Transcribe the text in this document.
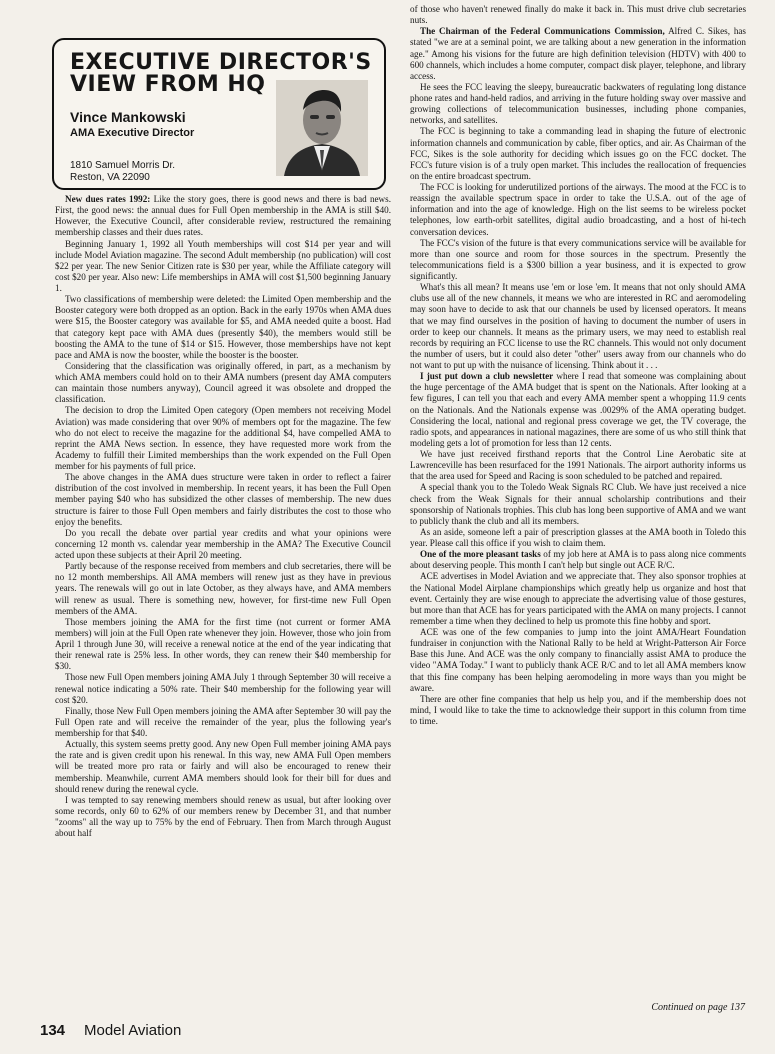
EXECUTIVE DIRECTOR'S VIEW FROM HQ
Vince Mankowski
AMA Executive Director
1810 Samuel Morris Dr.
Reston, VA 22090

New dues rates 1992: Like the story goes, there is good news and there is bad news. First, the good news: the annual dues for Full Open membership in the AMA is still $40. However, the Executive Council, after considerable review, restructured the remaining membership classes and their dues rates.

Beginning January 1, 1992 all Youth memberships will cost $14 per year and will include Model Aviation magazine. The second Adult membership (no publication) will cost $22 per year. The new Senior Citizen rate is $30 per year, while the Affiliate category will cost $20 per year. Also new: Life memberships in AMA will cost $1,500 beginning January 1.

Two classifications of membership were deleted: the Limited Open membership and the Booster category were both dropped as an option. Back in the early 1970s when AMA dues were $15, the Booster category was available for $5, and AMA needed quite a boost. Had that category kept pace with AMA dues (presently $40), the members would still be boosting the AMA to the tune of $14 or $15. However, those memberships have not kept pace and AMA is now the booster, while the booster is the booster.

Considering that the classification was originally offered, in part, as a mechanism by which AMA members could hold on to their AMA numbers (present day AMA computers can maintain those numbers anyway), Council agreed it was obsolete and dropped the classification.

The decision to drop the Limited Open category (Open members not receiving Model Aviation) was made considering that over 90% of members opt for the magazine. The few who do not elect to receive the magazine for the additional $4, have compelled AMA to reprint the AMA News section. In essence, they have requested more work from the Academy to fulfill their Limited memberships than the work expended on the Full Open member for his payments of full price.

The above changes in the AMA dues structure were taken in order to reflect a fairer distribution of the cost involved in membership. In recent years, it has been the Full Open member paying $40 who has subsidized the other classes of membership. The new dues structure is fairer to those Full Open members and fairly distributes the cost to those who enjoy the benefits.

Do you recall the debate over partial year credits and what your opinions were concerning 12 month vs. calendar year membership in the AMA? The Executive Council acted upon these subjects at their April 20 meeting.

Partly because of the response received from members and club secretaries, there will be no 12 month memberships. All AMA members will renew just as they have in previous years. The renewals will go out in late October, as they always have, and AMA members will renew as usual. There is something new, however, for first-time new Full Open members of the AMA.

Those members joining the AMA for the first time (not current or former AMA members) will join at the Full Open rate whenever they join. However, those who join from April 1 through June 30, will receive a renewal notice at the end of the year indicating that their renewal rate is 25% less. In other words, they can renew their $40 membership for $30.

Those new Full Open members joining AMA July 1 through September 30 will receive a renewal notice indicating a 50% rate. Their $40 membership for the following year will cost $20.

Finally, those New Full Open members joining the AMA after September 30 will pay the Full Open rate and will receive the remainder of the year, plus the following year's membership for that $40.

Actually, this system seems pretty good. Any new Open Full member joining AMA pays the rate and is given credit upon his renewal. In this way, new AMA Full Open members will be treated more pro rata or fairly and will also be encouraged to renew their membership. Meanwhile, current AMA members should look for their bill for dues and should renew during the renewal cycle.

I was tempted to say renewing members should renew as usual, but after looking over some records, only 60 to 62% of our members renew by December 31, and that number "zooms" all the way up to 75% by the end of February. Then from March through August about half

of those who haven't renewed finally do make it back in. This must drive club secretaries nuts.

The Chairman of the Federal Communications Commission, Alfred C. Sikes, has stated "we are at a seminal point, we are talking about a new generation in the information age." Among his visions for the future are high definition television (HDTV) with 400 to 600 channels, which includes a home computer, compact disk player, telephone, and library access.

He sees the FCC leaving the sleepy, bureaucratic backwaters of regulating long distance phone rates and hand-held radios, and arriving in the future holding sway over massive and growing collections of telecommunication businesses, including phone companies, networks, and satellites.

The FCC is beginning to take a commanding lead in shaping the future of electronic information channels and communication by cable, fiber optics, and air. As Chairman of the FCC, Sikes is the sole authority for deciding which issues go on the FCC docket. The FCC's future vision is of a truly open market. This includes the reallocation of frequencies on the entire broadcast spectrum.

The FCC is looking for underutilized portions of the airways. The mood at the FCC is to reassign the available spectrum space in order to take the U.S.A. out of the age of information and into the age of knowledge. High on the list seems to be wireless pocket telephones, low earth-orbit satellites, digital audio broadcasting, and a host of hi-tech conversation devices.

The FCC's vision of the future is that every communications service will be available for more than one source and room for those sources in the spectrum. Presently the telecommunications field is a $300 billion a year business, and it is expected to grow significantly.

What's this all mean? It means use 'em or lose 'em. It means that not only should AMA clubs use all of the new channels, it means we who are interested in RC and aeromodeling may soon have to decide to ask that our channels be used by licensed operators. It means that we may find ourselves in the position of having to document the number of users in order to keep our channels. It means as the primary users, we may need to establish real records by requiring an FCC license to use the RC channels. This would not only document the number of users, but it could also deter "other" users away from our channels who do not want to put up with the nuisance of licensing. Think about it . . .

I just put down a club newsletter where I read that someone was complaining about the huge percentage of the AMA budget that is spent on the Nationals. After looking at a few figures, I can tell you that each and every AMA member spent a whopping 11.9 cents on the Nationals. And the Nationals expense was .0029% of the AMA operating budget. Considering the local, national and regional press coverage we get, the TV coverage, the radio spots, and appearances in national magazines, there are some of us who still think that modeling gets a lot of promotion for less than 12 cents.

We have just received firsthand reports that the Control Line Aerobatic site at Lawrenceville has been resurfaced for the 1991 Nationals. The airport authority informs us that the area used for Speed and Racing is soon scheduled to be patched and repaired.

A special thank you to the Toledo Weak Signals RC Club. We have just received a nice check from the Weak Signals for their annual scholarship contributions and their sponsorship of Nationals trophies. This club has long been supportive of AMA and we want to publicly thank the club and all its members.

As an aside, someone left a pair of prescription glasses at the AMA booth in Toledo this year. Please call this office if you wish to claim them.

One of the more pleasant tasks of my job here at AMA is to pass along nice comments about deserving people. This month I can't help but single out ACE R/C.

ACE advertises in Model Aviation and we appreciate that. They also sponsor trophies at the National Model Airplane championships which greatly help us organize and host that event. Certainly they are wise enough to appreciate the advertising value of those gestures, but more than that ACE has for years participated with the AMA on many projects. I cannot remember a time when they declined to help us promote this fine hobby and sport.

ACE was one of the few companies to jump into the joint AMA/Heart Foundation fundraiser in conjunction with the National Rally to be held at Wright-Patterson Air Force Base this June. And ACE was the only company to financially assist AMA to produce the video "AMA Today." I want to publicly thank ACE R/C and to let all AMA members know that this fine company has been helping aeromodeling in more ways than you might be aware.

There are other fine companies that help us help you, and if the membership does not mind, I would like to take the time to acknowledge their support in this column from time to time.

Continued on page 137
134 Model Aviation
